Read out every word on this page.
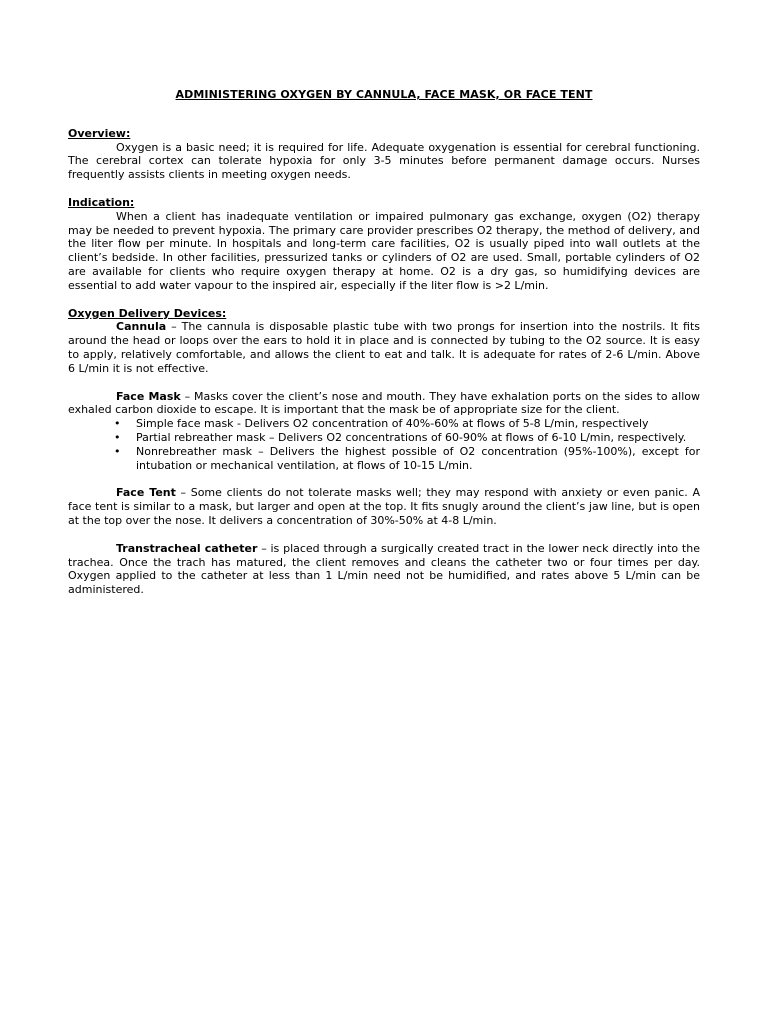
ADMINISTERING OXYGEN BY CANNULA, FACE MASK, OR FACE TENT
Overview:

Oxygen is a basic need; it is required for life. Adequate oxygenation is essential for cerebral functioning. The cerebral cortex can tolerate hypoxia for only 3-5 minutes before permanent damage occurs. Nurses frequently assists clients in meeting oxygen needs.

Indication:

When a client has inadequate ventilation or impaired pulmonary gas exchange, oxygen (O2) therapy may be needed to prevent hypoxia. The primary care provider prescribes O2 therapy, the method of delivery, and the liter flow per minute. In hospitals and long-term care facilities, O2 is usually piped into wall outlets at the client’s bedside. In other facilities, pressurized tanks or cylinders of O2 are used. Small, portable cylinders of O2 are available for clients who require oxygen therapy at home. O2 is a dry gas, so humidifying devices are essential to add water vapour to the inspired air, especially if the liter flow is >2 L/min.

Oxygen Delivery Devices:

Cannula – The cannula is disposable plastic tube with two prongs for insertion into the nostrils. It fits around the head or loops over the ears to hold it in place and is connected by tubing to the O2 source. It is easy to apply, relatively comfortable, and allows the client to eat and talk. It is adequate for rates of 2-6 L/min. Above 6 L/min it is not effective.

Face Mask – Masks cover the client’s nose and mouth. They have exhalation ports on the sides to allow exhaled carbon dioxide to escape. It is important that the mask be of appropriate size for the client.

• Simple face mask - Delivers O2 concentration of 40%-60% at flows of 5-8 L/min, respectively
• Partial rebreather mask – Delivers O2 concentrations of 60-90% at flows of 6-10 L/min, respectively.
• Nonrebreather mask – Delivers the highest possible of O2 concentration (95%-100%), except for intubation or mechanical ventilation, at flows of 10-15 L/min.

Face Tent – Some clients do not tolerate masks well; they may respond with anxiety or even panic. A face tent is similar to a mask, but larger and open at the top. It fits snugly around the client’s jaw line, but is open at the top over the nose. It delivers a concentration of 30%-50% at 4-8 L/min.

Transtracheal catheter – is placed through a surgically created tract in the lower neck directly into the trachea. Once the trach has matured, the client removes and cleans the catheter two or four times per day. Oxygen applied to the catheter at less than 1 L/min need not be humidified, and rates above 5 L/min can be administered.
